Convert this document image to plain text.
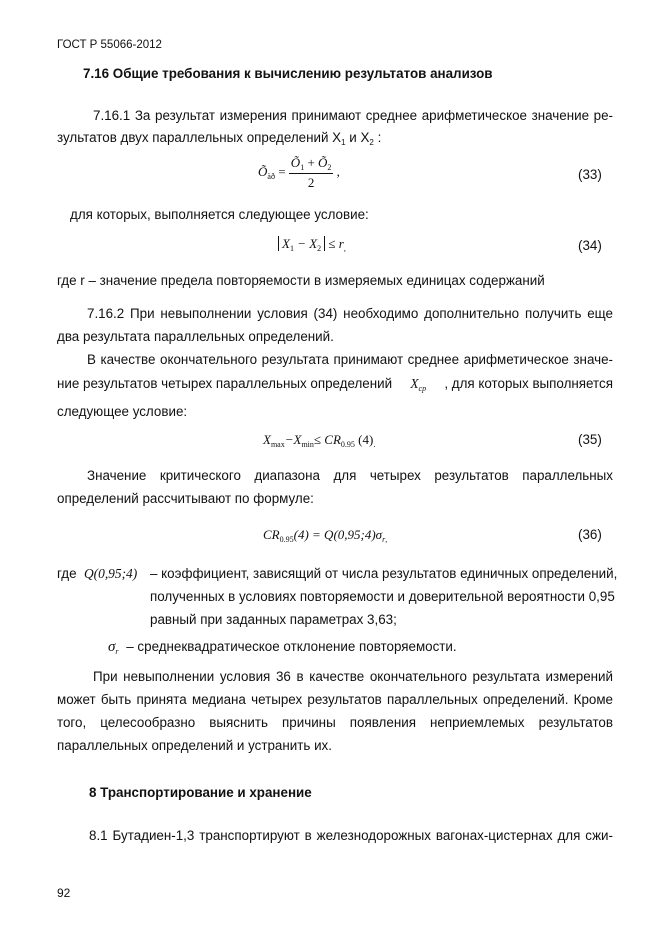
ГОСТ Р 55066-2012
7.16 Общие требования к вычислению результатов анализов
7.16.1 За результат измерения принимают среднее арифметическое значение ре-
зультатов двух параллельных определений $X_1$ и $X_2$ :
$Õ_{àð} = \frac{Õ_1 + Õ_2}{2}$ ,	(33)
для которых, выполняется следующее условие:
$X_1 - X_2 \le r_,$	(34)
где r – значение предела повторяемости в измеряемых единицах содержаний
7.16.2 При невыполнении условия (34) необходимо дополнительно получить еще
два результата параллельных определений.
В качестве окончательного результата принимают среднее арифметическое значе-
ние результатов четырех параллельных определений $X_{ср}$ , для которых выполняется
следующее условие:
$X_{max}-X_{min}\le CR_{0.95}$ $(4)_.$	(35)
Значение критического диапазона для четырех результатов параллельных
определений рассчитывают по формуле:
$CR_{0.95}(4)$ = $Q(0,95;4)\sigma_{r,}$	(36)
где Q(0,95;4) – коэффициент, зависящий от числа результатов единичных определений,
полученных в условиях повторяемости и доверительной вероятности 0,95
равный при заданных параметрах 3,63;
$\sigma_r$ – среднеквадратическое отклонение повторяемости.
При невыполнении условия 36 в качестве окончательного результата измерений
может быть принята медиана четырех результатов параллельных определений. Кроме
того, целесообразно выяснить причины появления неприемлемых результатов
параллельных определений и устранить их.
8 Транспортирование и хранение
8.1 Бутадиен-1,3 транспортируют в железнодорожных вагонах-цистернах для сжи-
92
